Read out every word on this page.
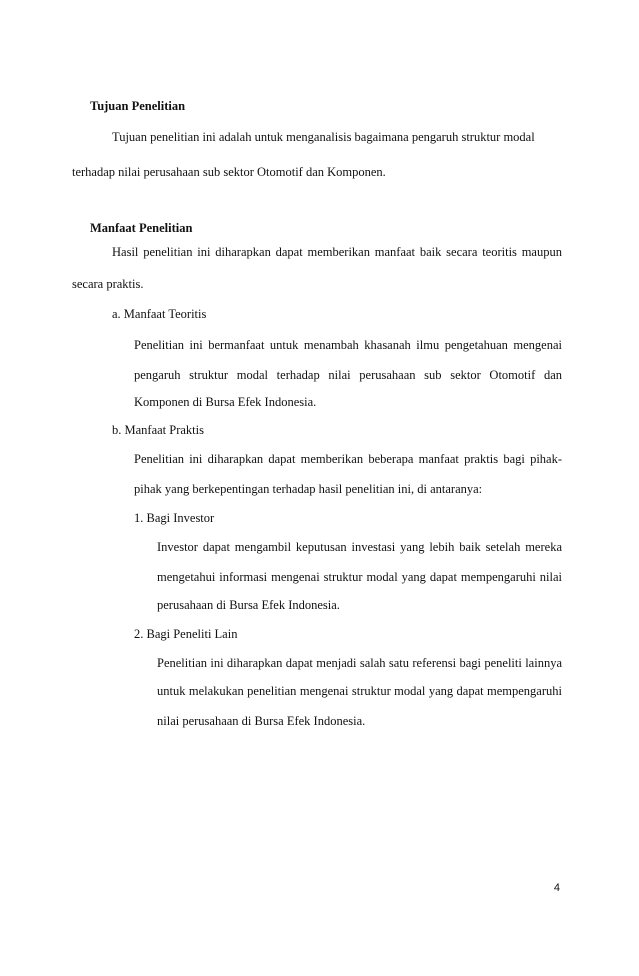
Tujuan Penelitian
Tujuan penelitian ini adalah untuk menganalisis bagaimana pengaruh struktur modal
terhadap nilai perusahaan sub sektor Otomotif dan Komponen.
Manfaat Penelitian
Hasil penelitian ini diharapkan dapat memberikan manfaat baik secara teoritis maupun
secara praktis.
a. Manfaat Teoritis
Penelitian ini bermanfaat untuk menambah khasanah ilmu pengetahuan mengenai
pengaruh struktur modal terhadap nilai perusahaan sub sektor Otomotif dan
Komponen di Bursa Efek Indonesia.
b. Manfaat Praktis
Penelitian ini diharapkan dapat memberikan beberapa manfaat praktis bagi pihak-
pihak yang berkepentingan terhadap hasil penelitian ini, di antaranya:
1. Bagi Investor
Investor dapat mengambil keputusan investasi yang lebih baik setelah mereka
mengetahui informasi mengenai struktur modal yang dapat mempengaruhi nilai
perusahaan di Bursa Efek Indonesia.
2. Bagi Peneliti Lain
Penelitian ini diharapkan dapat menjadi salah satu referensi bagi peneliti lainnya
untuk melakukan penelitian mengenai struktur modal yang dapat mempengaruhi
nilai perusahaan di Bursa Efek Indonesia.
4
